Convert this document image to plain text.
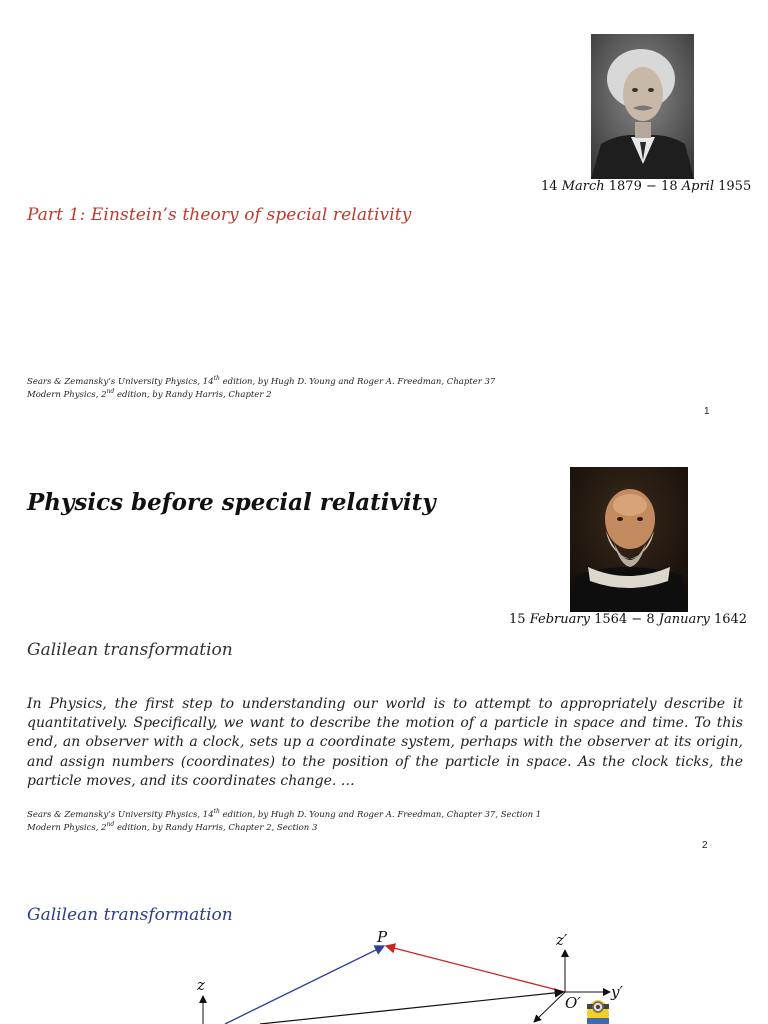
14 March 1879 − 18 April 1955
Part 1: Einstein’s theory of special relativity
Sears & Zemansky’s University Physics, 14th edition, by Hugh D. Young and Roger A. Freedman, Chapter 37
Modern Physics, 2nd edition, by Randy Harris, Chapter 2
1
Physics before special relativity
15 February 1564 − 8 January 1642
Galilean transformation
In Physics, the first step to understanding our world is to attempt to appropriately describe it quantitatively. Specifically, we want to describe the motion of a particle in space and time. To this end, an observer with a clock, sets up a coordinate system, perhaps with the observer at its origin, and assign numbers (coordinates) to the position of the particle in space. As the clock ticks, the particle moves, and its coordinates change. …
Sears & Zemansky’s University Physics, 14th edition, by Hugh D. Young and Roger A. Freedman, Chapter 37, Section 1
Modern Physics, 2nd edition, by Randy Harris, Chapter 2, Section 3
2
Galilean transformation
z
P	z′
y′
O′
